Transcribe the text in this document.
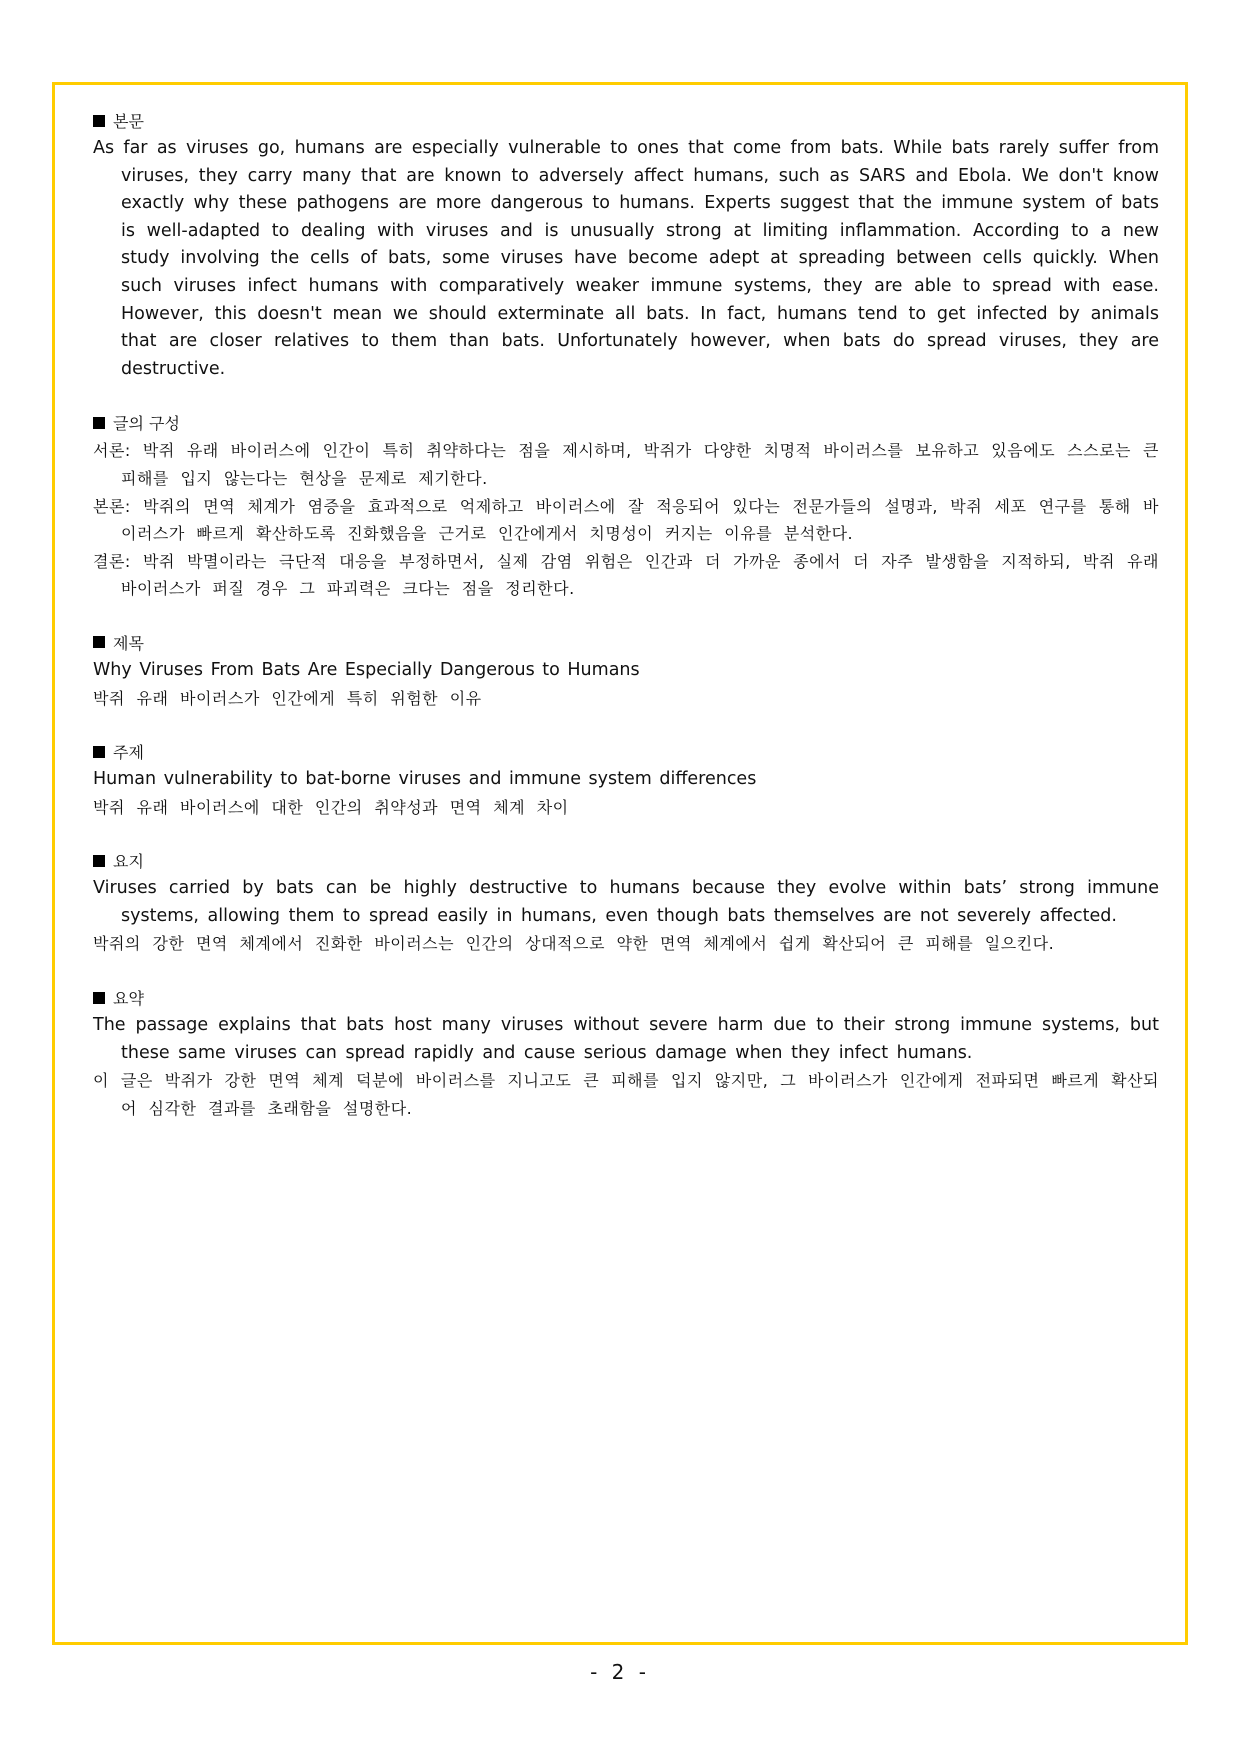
본문
As far as viruses go, humans are especially vulnerable to ones that come from bats. While bats rarely suffer from viruses, they carry many that are known to adversely affect humans, such as SARS and Ebola. We don't know exactly why these pathogens are more dangerous to humans. Experts suggest that the immune system of bats is well-adapted to dealing with viruses and is unusually strong at limiting inflammation. According to a new study involving the cells of bats, some viruses have become adept at spreading between cells quickly. When such viruses infect humans with comparatively weaker immune systems, they are able to spread with ease. However, this doesn't mean we should exterminate all bats. In fact, humans tend to get infected by animals that are closer relatives to them than bats. Unfortunately however, when bats do spread viruses, they are destructive.
글의 구성
서론: 박쥐 유래 바이러스에 인간이 특히 취약하다는 점을 제시하며, 박쥐가 다양한 치명적 바이러스를 보유하고 있음에도 스스로는 큰 피해를 입지 않는다는 현상을 문제로 제기한다.
본론: 박쥐의 면역 체계가 염증을 효과적으로 억제하고 바이러스에 잘 적응되어 있다는 전문가들의 설명과, 박쥐 세포 연구를 통해 바이러스가 빠르게 확산하도록 진화했음을 근거로 인간에게서 치명성이 커지는 이유를 분석한다.
결론: 박쥐 박멸이라는 극단적 대응을 부정하면서, 실제 감염 위험은 인간과 더 가까운 종에서 더 자주 발생함을 지적하되, 박쥐 유래 바이러스가 퍼질 경우 그 파괴력은 크다는 점을 정리한다.
제목
Why Viruses From Bats Are Especially Dangerous to Humans
박쥐 유래 바이러스가 인간에게 특히 위험한 이유
주제
Human vulnerability to bat-borne viruses and immune system differences
박쥐 유래 바이러스에 대한 인간의 취약성과 면역 체계 차이
요지
Viruses carried by bats can be highly destructive to humans because they evolve within bats’ strong immune systems, allowing them to spread easily in humans, even though bats themselves are not severely affected.
박쥐의 강한 면역 체계에서 진화한 바이러스는 인간의 상대적으로 약한 면역 체계에서 쉽게 확산되어 큰 피해를 일으킨다.
요약
The passage explains that bats host many viruses without severe harm due to their strong immune systems, but these same viruses can spread rapidly and cause serious damage when they infect humans.
이 글은 박쥐가 강한 면역 체계 덕분에 바이러스를 지니고도 큰 피해를 입지 않지만, 그 바이러스가 인간에게 전파되면 빠르게 확산되어 심각한 결과를 초래함을 설명한다.
- 2 -
